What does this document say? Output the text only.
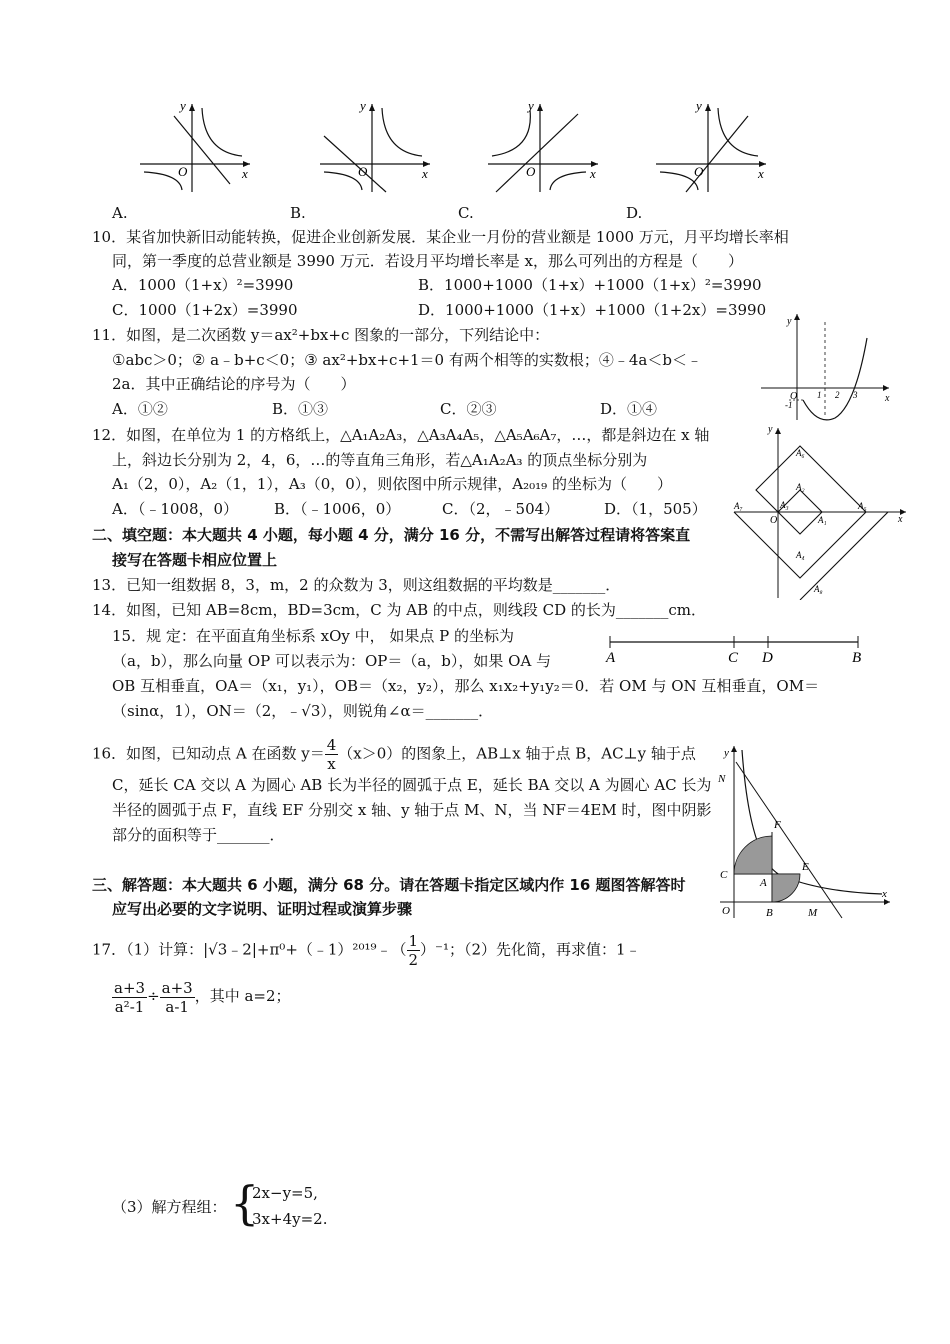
y
x
O
y
x
O
y
x
O
y
x
O
A.	B.	C.	D.
10．某省加快新旧动能转换，促进企业创新发展．某企业一月份的营业额是 1000 万元，月平均增长率相
同，第一季度的总营业额是 3990 万元．若设月平均增长率是 x，那么可列出的方程是（　　）
A．1000（1+x）²=3990	B．1000+1000（1+x）+1000（1+x）²=3990
C．1000（1+2x）=3990	D．1000+1000（1+x）+1000（1+2x）=3990
11．如图，是二次函数 y＝ax²+bx+c 图象的一部分，下列结论中：
①abc＞0；② a﹣b+c＜0；③ ax²+bx+c+1＝0 有两个相等的实数根；④﹣4a＜b＜﹣
2a．其中正确结论的序号为（　　）
A．①②	B．①③	C．②③	D．①④
y
x
O 1 2 3
-1
12．如图，在单位为 1 的方格纸上，△A₁A₂A₃，△A₃A₄A₅，△A₅A₆A₇，…，都是斜边在 x 轴
上，斜边长分别为 2，4，6，…的等直角三角形，若△A₁A₂A₃ 的顶点坐标分别为
A₁（2，0），A₂（1，1），A₃（0，0），则依图中所示规律，A₂₀₁₉ 的坐标为（　　）
A．（﹣1008，0） B．（﹣1006，0）	C．（2，﹣504）	D．（1，505）
y
x
O	A₁
A₂
A₃
A₄
A₅
A₆
A₇
A₈
二、填空题：本大题共 4 小题，每小题 4 分，满分 16 分，不需写出解答过程请将答案直
接写在答题卡相应位置上
13．已知一组数据 8，3，m，2 的众数为 3，则这组数据的平均数是_______．
14．如图，已知 AB=8cm，BD=3cm，C 为 AB 的中点，则线段 CD 的长为_______cm．
A	C D	B
15．规 定：在平面直角坐标系 xOy 中， 如果点 P 的坐标为
（a，b），那么向量 OP 可以表示为：OP＝（a，b），如果 OA 与
OB 互相垂直，OA＝（x₁，y₁），OB＝（x₂，y₂），那么 x₁x₂+y₁y₂＝0．若 OM 与 ON 互相垂直，OM＝
（sinα，1），ON＝（2，﹣√3），则锐角∠α＝_______．
16．如图，已知动点 A 在函数 $y= \frac{4}{x} (x>0)$的图象上，AB⊥x 轴于点 B，AC⊥y 轴于点
C，延长 CA 交以 A 为圆心 AB 长为半径的圆弧于点 E，延长 BA 交以 A 为圆心 AC 长为
半径的圆弧于点 F，直线 EF 分别交 x 轴、y 轴于点 M、N，当 NF＝4EM 时，图中阴影
部分的面积等于_______．
y
x
N
F
E
C
A
O	B	M
三、解答题：本大题共 6 小题，满分 68 分。请在答题卡指定区域内作 16 题图答解答时
应写出必要的文字说明、证明过程或演算步骤
17．（1）计算：|√3﹣2|+π⁰+（﹣1）²⁰¹⁹﹣（ $\frac{1}{2} )^{-1}$；（2）先化简，再求值：1﹣
$\frac{a+3}{\text{a²-1}} \div \frac{a+3}{a-1}$ ，其中 a=2；
（3）解方程组： {
2x−y=5,
3x+4y=2.
